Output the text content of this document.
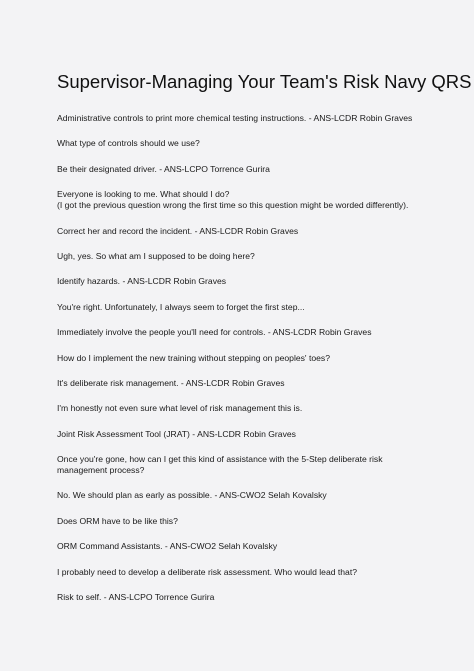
Supervisor-Managing Your Team's Risk Navy QRS
Administrative controls to print more chemical testing instructions. - ANS-LCDR Robin Graves
What type of controls should we use?
Be their designated driver. - ANS-LCPO Torrence Gurira
Everyone is looking to me. What should I do?
(I got the previous question wrong the first time so this question might be worded differently).
Correct her and record the incident. - ANS-LCDR Robin Graves
Ugh, yes. So what am I supposed to be doing here?
Identify hazards. - ANS-LCDR Robin Graves
You're right. Unfortunately, I always seem to forget the first step...
Immediately involve the people you'll need for controls. - ANS-LCDR Robin Graves
How do I implement the new training without stepping on peoples' toes?
It's deliberate risk management. - ANS-LCDR Robin Graves
I'm honestly not even sure what level of risk management this is.
Joint Risk Assessment Tool (JRAT) - ANS-LCDR Robin Graves
Once you're gone, how can I get this kind of assistance with the 5-Step deliberate risk
management process?
No. We should plan as early as possible. - ANS-CWO2 Selah Kovalsky
Does ORM have to be like this?
ORM Command Assistants. - ANS-CWO2 Selah Kovalsky
I probably need to develop a deliberate risk assessment. Who would lead that?
Risk to self. - ANS-LCPO Torrence Gurira
